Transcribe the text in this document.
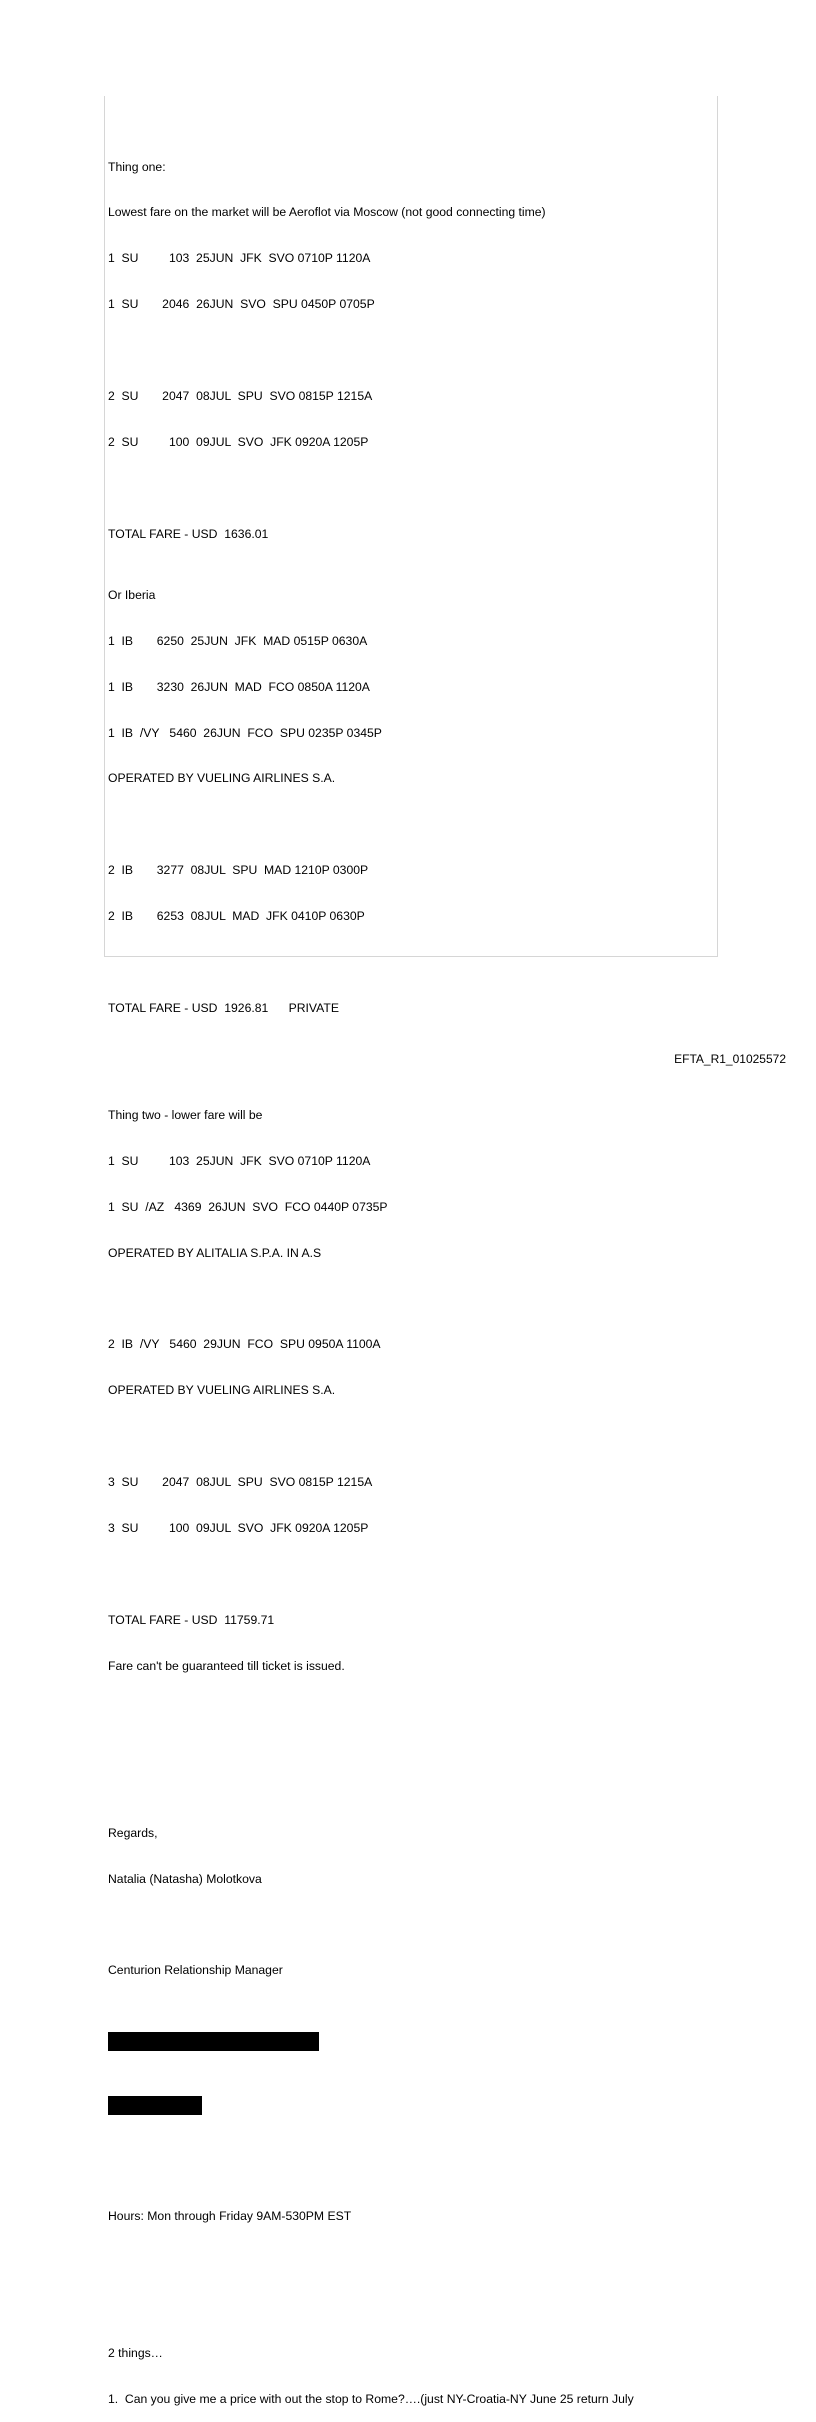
Thing one:

Lowest fare on the market will be Aeroflot via Moscow (not good connecting time)

1  SU         103  25JUN  JFK  SVO 0710P 1120A

1  SU       2046  26JUN  SVO  SPU 0450P 0705P

2  SU       2047  08JUL  SPU  SVO 0815P 1215A

2  SU         100  09JUL  SVO  JFK 0920A 1205P

TOTAL FARE - USD  1636.01

Or Iberia

1  IB       6250  25JUN  JFK  MAD 0515P 0630A

1  IB       3230  26JUN  MAD  FCO 0850A 1120A

1  IB  /VY   5460  26JUN  FCO  SPU 0235P 0345P

OPERATED BY VUELING AIRLINES S.A.

2  IB       3277  08JUL  SPU  MAD 1210P 0300P

2  IB       6253  08JUL  MAD  JFK 0410P 0630P

TOTAL FARE - USD  1926.81      PRIVATE

Thing two - lower fare will be

1  SU         103  25JUN  JFK  SVO 0710P 1120A

1  SU  /AZ   4369  26JUN  SVO  FCO 0440P 0735P

OPERATED BY ALITALIA S.P.A. IN A.S

2  IB  /VY   5460  29JUN  FCO  SPU 0950A 1100A

OPERATED BY VUELING AIRLINES S.A.

3  SU       2047  08JUL  SPU  SVO 0815P 1215A

3  SU         100  09JUL  SVO  JFK 0920A 1205P

TOTAL FARE - USD  11759.71

Fare can't be guaranteed till ticket is issued.

Regards,

Natalia (Natasha) Molotkova

Centurion Relationship Manager

Hours: Mon through Friday 9AM-530PM EST

2 things…

1.  Can you give me a price with out the stop to Rome?….(just NY-Croatia-NY June 25 return July

EFTA_R1_01025572
